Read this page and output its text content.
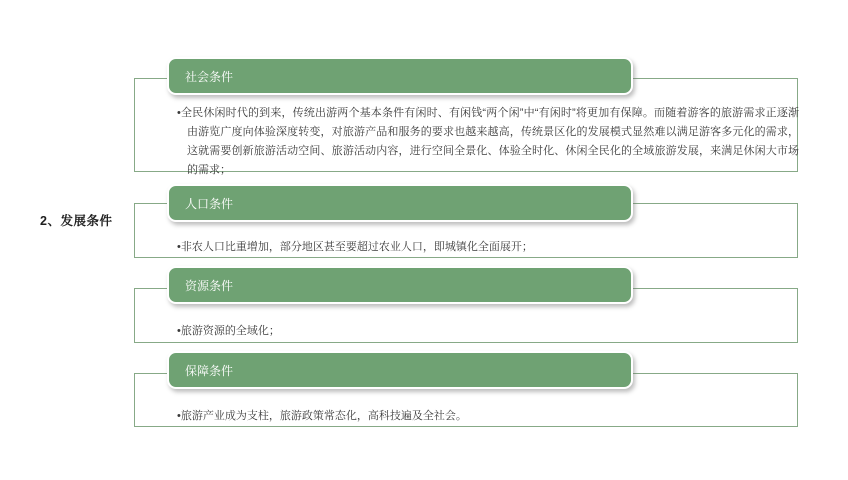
2、发展条件
社会条件
• 全民休闲时代的到来，传统出游两个基本条件有闲时、有闲钱“两个闲”中“有闲时”将更加有保障。而随着游客的旅游需求正逐渐由游览广度向体验深度转变，对旅游产品和服务的要求也越来越高，传统景区化的发展模式显然难以满足游客多元化的需求，这就需要创新旅游活动空间、旅游活动内容，进行空间全景化、体验全时化、休闲全民化的全域旅游发展，来满足休闲大市场的需求；
人口条件
• 非农人口比重增加，部分地区甚至要超过农业人口，即城镇化全面展开；
资源条件
• 旅游资源的全域化；
保障条件
• 旅游产业成为支柱，旅游政策常态化，高科技遍及全社会。
